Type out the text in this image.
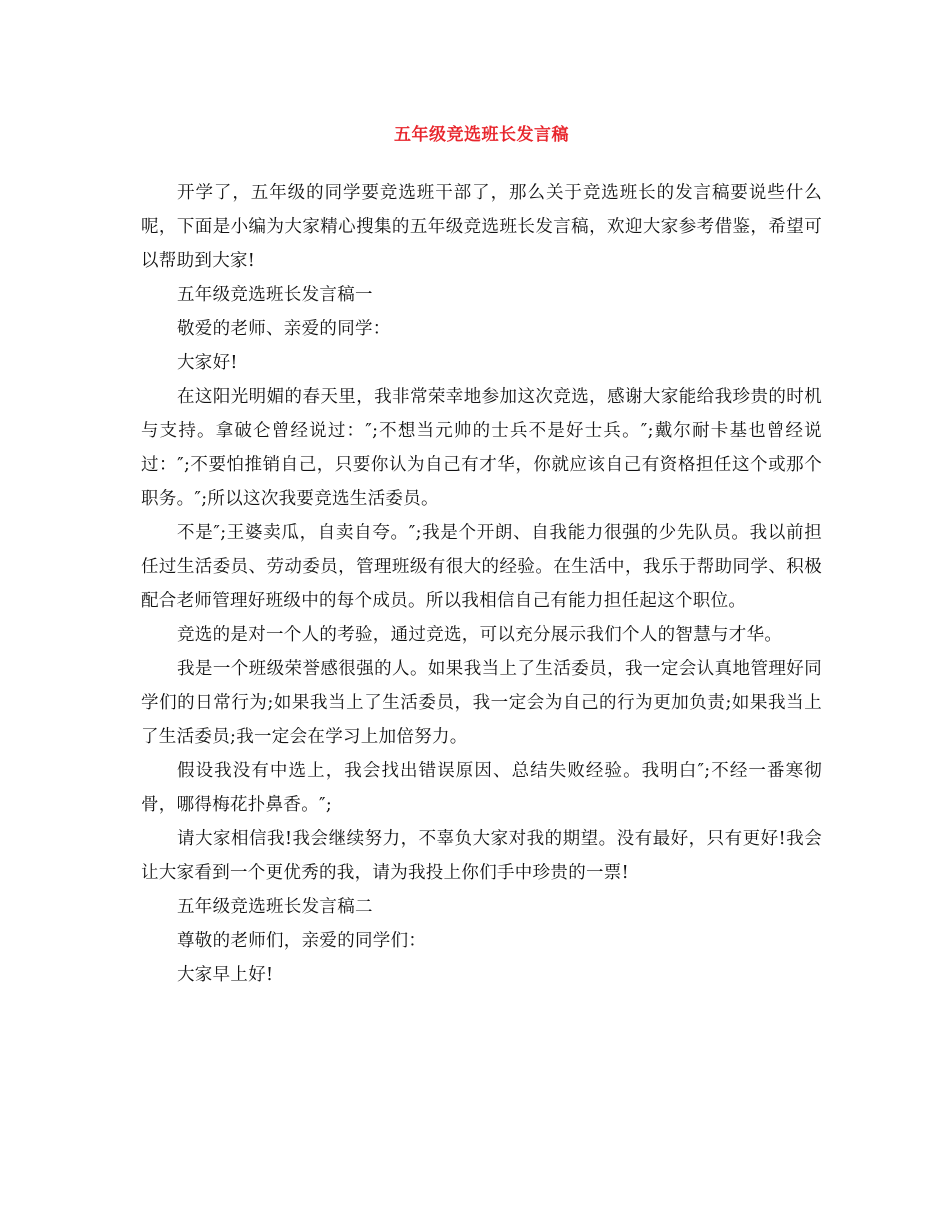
五年级竞选班长发言稿

开学了，五年级的同学要竞选班干部了，那么关于竞选班长的发言稿要说些什么呢，下面是小编为大家精心搜集的五年级竞选班长发言稿，欢迎大家参考借鉴，希望可以帮助到大家!

五年级竞选班长发言稿一

敬爱的老师、亲爱的同学：

大家好!

在这阳光明媚的春天里，我非常荣幸地参加这次竞选，感谢大家能给我珍贵的时机与支持。拿破仑曾经说过：″;不想当元帅的士兵不是好士兵。″;戴尔耐卡基也曾经说过：″;不要怕推销自己，只要你认为自己有才华，你就应该自己有资格担任这个或那个职务。″;所以这次我要竞选生活委员。

不是″;王婆卖瓜，自卖自夸。″;我是个开朗、自我能力很强的少先队员。我以前担任过生活委员、劳动委员，管理班级有很大的经验。在生活中，我乐于帮助同学、积极配合老师管理好班级中的每个成员。所以我相信自己有能力担任起这个职位。

竞选的是对一个人的考验，通过竞选，可以充分展示我们个人的智慧与才华。

我是一个班级荣誉感很强的人。如果我当上了生活委员，我一定会认真地管理好同学们的日常行为;如果我当上了生活委员，我一定会为自己的行为更加负责;如果我当上了生活委员;我一定会在学习上加倍努力。

假设我没有中选上，我会找出错误原因、总结失败经验。我明白″;不经一番寒彻骨，哪得梅花扑鼻香。″;

请大家相信我!我会继续努力，不辜负大家对我的期望。没有最好，只有更好!我会让大家看到一个更优秀的我，请为我投上你们手中珍贵的一票!

五年级竞选班长发言稿二

尊敬的老师们，亲爱的同学们：

大家早上好!
